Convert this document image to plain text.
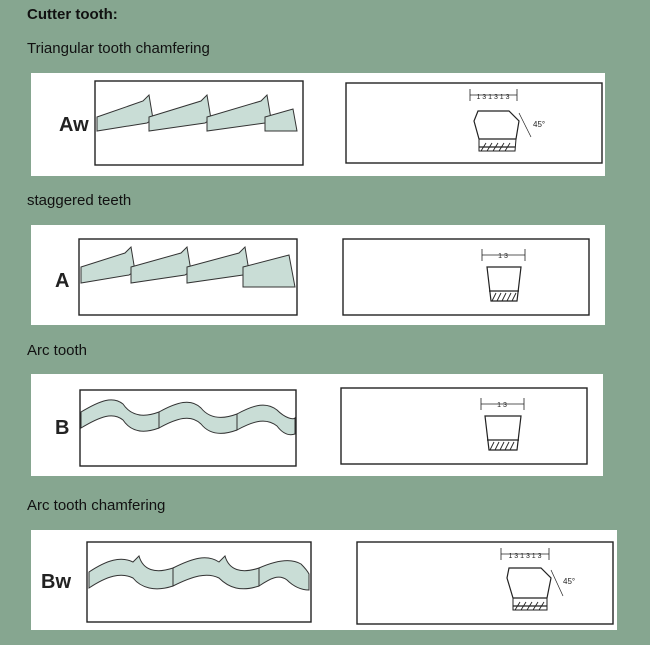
Cutter tooth:
Triangular tooth chamfering
Aw
1 3 1 3 1 3
45°
staggered teeth
A
1 3
Arc tooth
B
1 3
Arc tooth chamfering
Bw
1 3 1 3 1 3
45°
